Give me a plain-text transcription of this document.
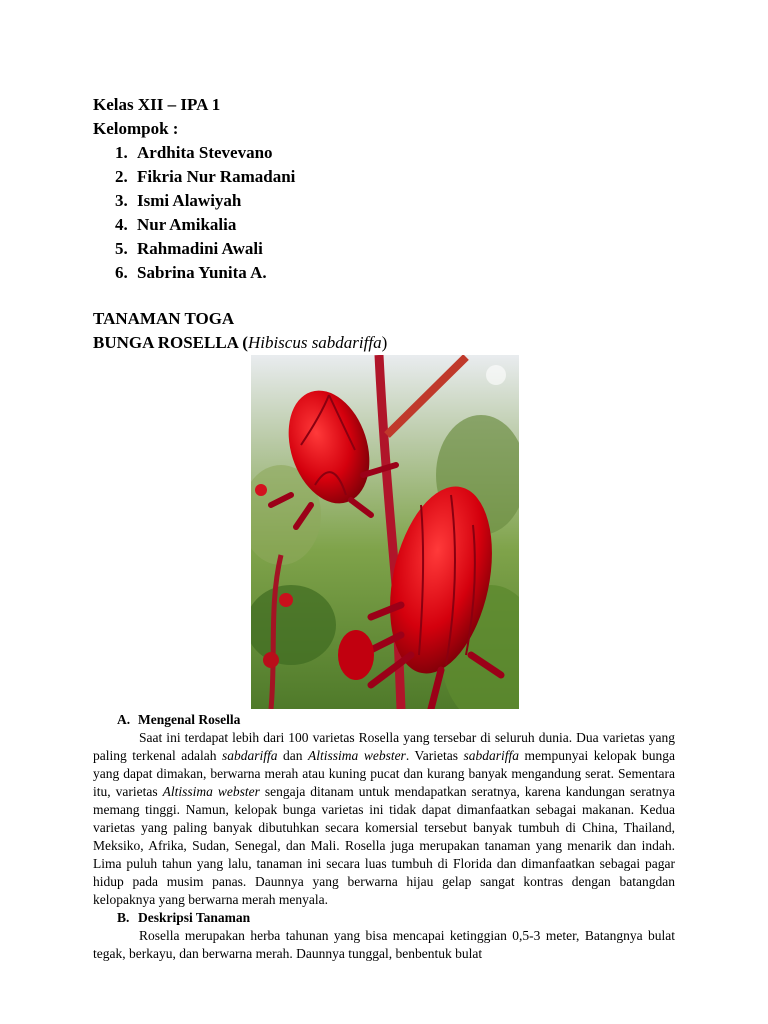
Kelas XII – IPA 1
Kelompok :
1. Ardhita Stevevano
2. Fikria Nur Ramadani
3. Ismi Alawiyah
4. Nur Amikalia
5. Rahmadini Awali
6. Sabrina Yunita A.
TANAMAN TOGA
BUNGA ROSELLA (Hibiscus sabdariffa)
A. Mengenal Rosella

Saat ini terdapat lebih dari 100 varietas Rosella yang tersebar di seluruh dunia. Dua varietas yang paling terkenal adalah sabdariffa dan Altissima webster. Varietas sabdariffa mempunyai kelopak bunga yang dapat dimakan, berwarna merah atau kuning pucat dan kurang banyak mengandung serat. Sementara itu, varietas Altissima webster sengaja ditanam untuk mendapatkan seratnya, karena kandungan seratnya memang tinggi. Namun, kelopak bunga varietas ini tidak dapat dimanfaatkan sebagai makanan. Kedua varietas yang paling banyak dibutuhkan secara komersial tersebut banyak tumbuh di China, Thailand, Meksiko, Afrika, Sudan, Senegal, dan Mali. Rosella juga merupakan tanaman yang menarik dan indah. Lima puluh tahun yang lalu, tanaman ini secara luas tumbuh di Florida dan dimanfaatkan sebagai pagar hidup pada musim panas. Daunnya yang berwarna hijau gelap sangat kontras dengan batangdan kelopaknya yang berwarna merah menyala.

B. Deskripsi Tanaman

Rosella merupakan herba tahunan yang bisa mencapai ketinggian 0,5-3 meter, Batangnya bulat tegak, berkayu, dan berwarna merah. Daunnya tunggal, benbentuk bulat
